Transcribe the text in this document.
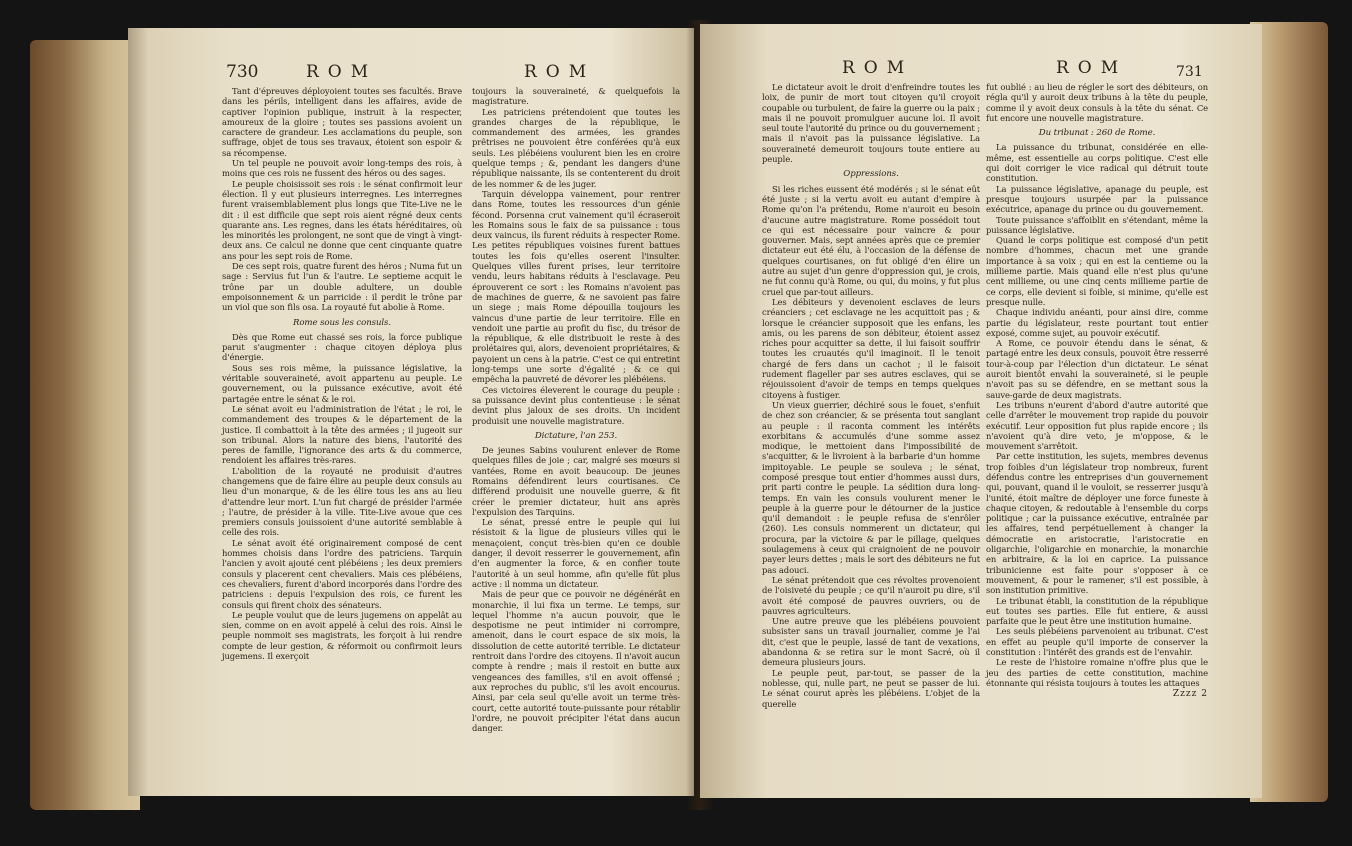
730	ROM	ROM

Tant d'épreuves déployoient toutes ses facultés. Brave dans les périls, intelligent dans les affaires, avide de captiver l'opinion publique, instruit à la respecter, amoureux de la gloire ; toutes ses passions avoient un caractere de grandeur. Les acclamations du peuple, son suffrage, objet de tous ses travaux, étoient son espoir & sa récompense.

Un tel peuple ne pouvoit avoir long-temps des rois, à moins que ces rois ne fussent des héros ou des sages.

Le peuple choisissoit ses rois : le sénat confirmoit leur élection. Il y eut plusieurs interregnes. Les interregnes furent vraisemblablement plus longs que Tite-Live ne le dit : il est difficile que sept rois aient régné deux cents quarante ans. Les regnes, dans les états héréditaires, où les minorités les prolongent, ne sont que de vingt à vingt-deux ans. Ce calcul ne donne que cent cinquante quatre ans pour les sept rois de Rome.

De ces sept rois, quatre furent des héros ; Numa fut un sage : Servius fut l'un & l'autre. Le septieme acquit le trône par un double adultere, un double empoisonnement & un parricide : il perdit le trône par un viol que son fils osa. La royauté fut abolie à Rome.

Rome sous les consuls.

Dès que Rome eut chassé ses rois, la force publique parut s'augmenter : chaque citoyen déploya plus d'énergie.

Sous ses rois même, la puissance législative, la véritable souveraineté, avoit appartenu au peuple. Le gouvernement, ou la puissance exécutive, avoit été partagée entre le sénat & le roi.

Le sénat avoit eu l'administration de l'état ; le roi, le commandement des troupes & le département de la justice. Il combattoit à la tête des armées ; il jugeoit sur son tribunal. Alors la nature des biens, l'autorité des peres de famille, l'ignorance des arts & du commerce, rendoient les affaires très-rares.

L'abolition de la royauté ne produisit d'autres changemens que de faire élire au peuple deux consuls au lieu d'un monarque, & de les élire tous les ans au lieu d'attendre leur mort. L'un fut chargé de présider l'armée ; l'autre, de présider à la ville. Tite-Live avoue que ces premiers consuls jouissoient d'une autorité semblable à celle des rois.

Le sénat avoit été originairement composé de cent hommes choisis dans l'ordre des patriciens. Tarquin l'ancien y avoit ajouté cent plébéiens ; les deux premiers consuls y placerent cent chevaliers. Mais ces plébéiens, ces chevaliers, furent d'abord incorporés dans l'ordre des patriciens : depuis l'expulsion des rois, ce furent les consuls qui firent choix des sénateurs.

Le peuple voulut que de leurs jugemens on appelât au sien, comme on en avoit appelé à celui des rois. Ainsi le peuple nommoit ses magistrats, les forçoit à lui rendre compte de leur gestion, & réformoit ou confirmoit leurs jugemens. Il exerçoit

toujours la souveraineté, & quelquefois la magistrature.

Les patriciens prétendoient que toutes les grandes charges de la république, le commandement des armées, les grandes prêtrises ne pouvoient être conférées qu'à eux seuls. Les plébéiens voulurent bien les en croire quelque temps ; &, pendant les dangers d'une république naissante, ils se contenterent du droit de les nommer & de les juger.

Tarquin développa vainement, pour rentrer dans Rome, toutes les ressources d'un génie fécond. Porsenna crut vainement qu'il écraseroit les Romains sous le faix de sa puissance : tous deux vaincus, ils furent réduits à respecter Rome. Les petites républiques voisines furent battues toutes les fois qu'elles oserent l'insulter. Quelques villes furent prises, leur territoire vendu, leurs habitans réduits à l'esclavage. Peu éprouverent ce sort : les Romains n'avoient pas de machines de guerre, & ne savoient pas faire un siege ; mais Rome dépouilla toujours les vaincus d'une partie de leur territoire. Elle en vendoit une partie au profit du fisc, du trésor de la république, & elle distribuoit le reste à des prolétaires qui, alors, devenoient propriétaires, & payoient un cens à la patrie. C'est ce qui entretint long-temps une sorte d'égalité ; & ce qui empêcha la pauvreté de dévorer les plébéiens.

Ces victoires éleverent le courage du peuple : sa puissance devint plus contentieuse : le sénat devint plus jaloux de ses droits. Un incident produisit une nouvelle magistrature.

Dictature, l'an 253.

De jeunes Sabins voulurent enlever de Rome quelques filles de joie ; car, malgré ses mœurs si vantées, Rome en avoit beaucoup. De jeunes Romains défendirent leurs courtisanes. Ce différend produisit une nouvelle guerre, & fit créer le premier dictateur, huit ans après l'expulsion des Tarquins.

Le sénat, pressé entre le peuple qui lui résistoit & la ligue de plusieurs villes qui le menaçoient, conçut très-bien qu'en ce double danger, il devoit resserrer le gouvernement, afin d'en augmenter la force, & en confier toute l'autorité à un seul homme, afin qu'elle fût plus active : il nomma un dictateur.

Mais de peur que ce pouvoir ne dégénérât en monarchie, il lui fixa un terme. Le temps, sur lequel l'homme n'a aucun pouvoir, que le despotisme ne peut intimider ni corrompre, amenoit, dans le court espace de six mois, la dissolution de cette autorité terrible. Le dictateur rentroit dans l'ordre des citoyens. Il n'avoit aucun compte à rendre ; mais il restoit en butte aux vengeances des familles, s'il en avoit offensé ; aux reproches du public, s'il les avoit encourus. Ainsi, par cela seul qu'elle avoit un terme très-court, cette autorité toute-puissante pour rétablir l'ordre, ne pouvoit précipiter l'état dans aucun danger.

ROM	ROM	731

Le dictateur avoit le droit d'enfreindre toutes les loix, de punir de mort tout citoyen qu'il croyoit coupable ou turbulent, de faire la guerre ou la paix ; mais il ne pouvoit promulguer aucune loi. Il avoit seul toute l'autorité du prince ou du gouvernement ; mais il n'avoit pas la puissance législative. La souveraineté demeuroit toujours toute entiere au peuple.

Oppressions.

Si les riches eussent été modérés ; si le sénat eût été juste ; si la vertu avoit eu autant d'empire à Rome qu'on l'a prétendu, Rome n'auroit eu besoin d'aucune autre magistrature. Rome possédoit tout ce qui est nécessaire pour vaincre & pour gouverner. Mais, sept années après que ce premier dictateur eut été élu, à l'occasion de la défense de quelques courtisanes, on fut obligé d'en élire un autre au sujet d'un genre d'oppression qui, je crois, ne fut connu qu'à Rome, ou qui, du moins, y fut plus cruel que par-tout ailleurs.

Les débiteurs y devenoient esclaves de leurs créanciers ; cet esclavage ne les acquittoit pas ; & lorsque le créancier supposoit que les enfans, les amis, ou les parens de son débiteur, étoient assez riches pour acquitter sa dette, il lui faisoit souffrir toutes les cruautés qu'il imaginoit. Il le tenoit chargé de fers dans un cachot ; il le faisoit rudement flageller par ses autres esclaves, qui se réjouissoient d'avoir de temps en temps quelques citoyens à fustiger.

Un vieux guerrier, déchiré sous le fouet, s'enfuit de chez son créancier, & se présenta tout sanglant au peuple : il raconta comment les intérêts exorbitans & accumulés d'une somme assez modique, le mettoient dans l'impossibilité de s'acquitter, & le livroient à la barbarie d'un homme impitoyable. Le peuple se souleva ; le sénat, composé presque tout entier d'hommes aussi durs, prit parti contre le peuple. La sédition dura long-temps. En vain les consuls voulurent mener le peuple à la guerre pour le détourner de la justice qu'il demandoit : le peuple refusa de s'enrôler (260). Les consuls nommerent un dictateur, qui procura, par la victoire & par le pillage, quelques soulagemens à ceux qui craignoient de ne pouvoir payer leurs dettes ; mais le sort des débiteurs ne fut pas adouci.

Le sénat prétendoit que ces révoltes provenoient de l'oisiveté du peuple ; ce qu'il n'auroit pu dire, s'il avoit été composé de pauvres ouvriers, ou de pauvres agriculteurs.

Une autre preuve que les plébéiens pouvoient subsister sans un travail journalier, comme je l'ai dit, c'est que le peuple, lassé de tant de vexations, abandonna & se retira sur le mont Sacré, où il demeura plusieurs jours.

Le peuple peut, par-tout, se passer de la noblesse, qui, nulle part, ne peut se passer de lui. Le sénat courut après les plébéiens. L'objet de la querelle

fut oublié : au lieu de régler le sort des débiteurs, on régla qu'il y auroit deux tribuns à la tête du peuple, comme il y avoit deux consuls à la tête du sénat. Ce fut encore une nouvelle magistrature.

Du tribunat : 260 de Rome.

La puissance du tribunat, considérée en elle-même, est essentielle au corps politique. C'est elle qui doit corriger le vice radical qui détruit toute constitution.

La puissance législative, apanage du peuple, est presque toujours usurpée par la puissance exécutrice, apanage du prince ou du gouvernement.

Toute puissance s'affoiblit en s'étendant, même la puissance législative.

Quand le corps politique est composé d'un petit nombre d'hommes, chacun met une grande importance à sa voix ; qui en est la centieme ou la millieme partie. Mais quand elle n'est plus qu'une cent millieme, ou une cinq cents millieme partie de ce corps, elle devient si foible, si minime, qu'elle est presque nulle.

Chaque individu anéanti, pour ainsi dire, comme partie du législateur, reste pourtant tout entier exposé, comme sujet, au pouvoir exécutif.

A Rome, ce pouvoir étendu dans le sénat, & partagé entre les deux consuls, pouvoit être resserré tour-à-coup par l'élection d'un dictateur. Le sénat auroit bientôt envahi la souveraineté, si le peuple n'avoit pas su se défendre, en se mettant sous la sauve-garde de deux magistrats.

Les tribuns n'eurent d'abord d'autre autorité que celle d'arrêter le mouvement trop rapide du pouvoir exécutif. Leur opposition fut plus rapide encore ; ils n'avoient qu'à dire veto, je m'oppose, & le mouvement s'arrêtoit.

Par cette institution, les sujets, membres devenus trop foibles d'un législateur trop nombreux, furent défendus contre les entreprises d'un gouvernement qui, pouvant, quand il le vouloit, se resserrer jusqu'à l'unité, étoit maître de déployer une force funeste à chaque citoyen, & redoutable à l'ensemble du corps politique ; car la puissance exécutive, entraînée par les affaires, tend perpétuellement à changer la démocratie en aristocratie, l'aristocratie en oligarchie, l'oligarchie en monarchie, la monarchie en arbitraire, & la loi en caprice. La puissance tribunicienne est faite pour s'opposer à ce mouvement, & pour le ramener, s'il est possible, à son institution primitive.

Le tribunat établi, la constitution de la république eut toutes ses parties. Elle fut entiere, & aussi parfaite que le peut être une institution humaine.

Les seuls plébéiens parvenoient au tribunat. C'est en effet au peuple qu'il importe de conserver la constitution : l'intérêt des grands est de l'envahir.

Le reste de l'histoire romaine n'offre plus que le jeu des parties de cette constitution, machine étonnante qui résista toujours à toutes les attaques

Zzzz 2
